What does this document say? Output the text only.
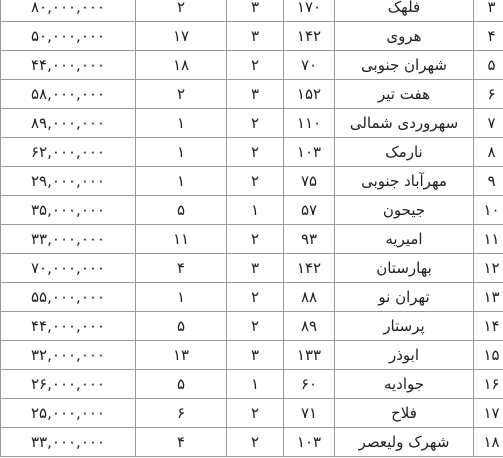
۳	فلهک	۱۷۰	۳	۲	۸۰,۰۰۰,۰۰۰
۴	هروی	۱۴۲	۳	۱۷	۵۰,۰۰۰,۰۰۰
۵	شهران جنوبی	۷۰	۲	۱۸	۴۴,۰۰۰,۰۰۰
۶	هفت تیر	۱۵۲	۳	۲	۵۸,۰۰۰,۰۰۰
۷	سهروردی شمالی	۱۱۰	۲	۱	۸۹,۰۰۰,۰۰۰
۸	نارمک	۱۰۳	۲	۱	۶۲,۰۰۰,۰۰۰
۹	مهرآباد جنوبی	۷۵	۲	۱	۲۹,۰۰۰,۰۰۰
۱۰	جیحون	۵۷	۱	۵	۳۵,۰۰۰,۰۰۰
۱۱	امیریه	۹۳	۲	۱۱	۳۳,۰۰۰,۰۰۰
۱۲	بهارستان	۱۴۲	۳	۴	۷۰,۰۰۰,۰۰۰
۱۳	تهران نو	۸۸	۲	۱	۵۵,۰۰۰,۰۰۰
۱۴	پرستار	۸۹	۲	۵	۴۴,۰۰۰,۰۰۰
۱۵	ابوذر	۱۳۳	۳	۱۳	۳۲,۰۰۰,۰۰۰
۱۶	جوادیه	۶۰	۱	۵	۲۶,۰۰۰,۰۰۰
۱۷	فلاح	۷۱	۲	۶	۲۵,۰۰۰,۰۰۰
۱۸	شهرک ولیعصر	۱۰۳	۲	۴	۳۳,۰۰۰,۰۰۰
